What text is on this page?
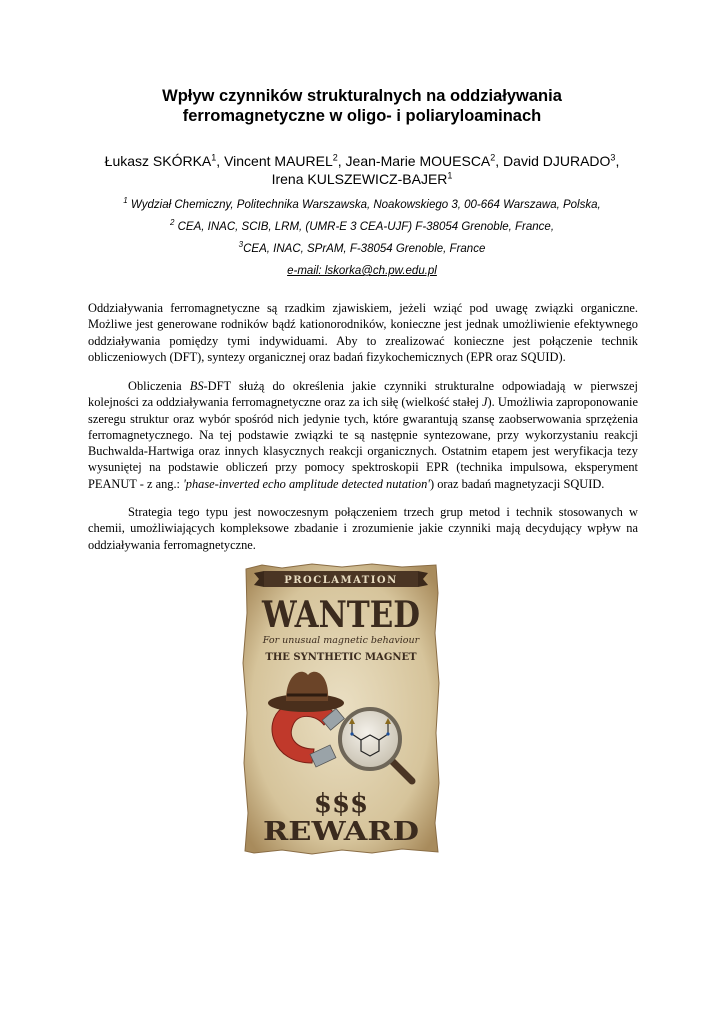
Wpływ czynników strukturalnych na oddziaływania
ferromagnetyczne w oligo- i poliaryloaminach
Łukasz SKÓRKA$^1$, Vincent MAUREL$^2$, Jean-Marie MOUESCA$^2$, David DJURADO$^3$,
Irena KULSZEWICZ-BAJER$^1$
$^1$ Wydział Chemiczny, Politechnika Warszawska, Noakowskiego 3, 00-664 Warszawa, Polska,
$^2$ CEA, INAC, SCIB, LRM, (UMR-E 3 CEA-UJF) F-38054 Grenoble, France,
$^3$CEA, INAC, SPrAM, F-38054 Grenoble, France
e-mail: lskorka@ch.pw.edu.pl

Oddziaływania ferromagnetyczne są rzadkim zjawiskiem, jeżeli wziąć pod uwagę związki organiczne. Możliwe jest generowane rodników bądź kationorodników, konieczne jest jednak umożliwienie efektywnego oddziaływania pomiędzy tymi indywiduami. Aby to zrealizować konieczne jest połączenie technik obliczeniowych (DFT), syntezy organicznej oraz badań fizykochemicznych (EPR oraz SQUID).

Obliczenia BS-DFT służą do określenia jakie czynniki strukturalne odpowiadają w pierwszej kolejności za oddziaływania ferromagnetyczne oraz za ich siłę (wielkość stałej J). Umożliwia zaproponowanie szeregu struktur oraz wybór spośród nich jedynie tych, które gwarantują szansę zaobserwowania sprzężenia ferromagnetycznego. Na tej podstawie związki te są następnie syntezowane, przy wykorzystaniu reakcji Buchwalda-Hartwiga oraz innych klasycznych reakcji organicznych. Ostatnim etapem jest weryfikacja tezy wysuniętej na podstawie obliczeń przy pomocy spektroskopii EPR (technika impulsowa, eksperyment PEANUT - z ang.: 'phase-inverted echo amplitude detected nutation') oraz badań magnetyzacji SQUID.

Strategia tego typu jest nowoczesnym połączeniem trzech grup metod i technik stosowanych w chemii, umożliwiających kompleksowe zbadanie i zrozumienie jakie czynniki mają decydujący wpływ na oddziaływania ferromagnetyczne.

PROCLAMATION
WANTED
For unusual magnetic behaviour
THE SYNTHETIC MAGNET
$$$
REWARD
